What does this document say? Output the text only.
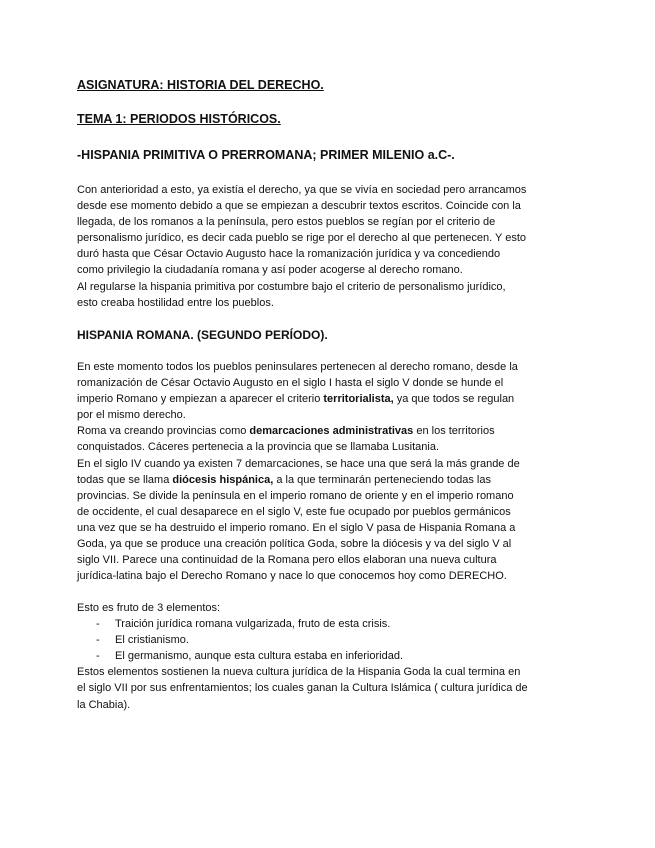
ASIGNATURA: HISTORIA DEL DERECHO.
TEMA 1: PERIODOS HISTÓRICOS.
-HISPANIA PRIMITIVA O PRERROMANA; PRIMER MILENIO a.C-.

Con anterioridad a esto, ya existía el derecho, ya que se vivía en sociedad pero arrancamos

desde ese momento debido a que se empiezan a descubrir textos escritos. Coincide con la

llegada, de los romanos a la península, pero estos pueblos se regían por el criterio de

personalismo jurídico, es decir cada pueblo se rige por el derecho al que pertenecen. Y esto

duró hasta que César Octavio Augusto hace la romanización jurídica y va concediendo

como privilegio la ciudadanía romana y así poder acogerse al derecho romano.

Al regularse la hispania primitiva por costumbre bajo el criterio de personalismo jurídico,

esto creaba hostilidad entre los pueblos.

HISPANIA ROMANA. (SEGUNDO PERÍODO).

En este momento todos los pueblos peninsulares pertenecen al derecho romano, desde la

romanización de César Octavio Augusto en el siglo I hasta el siglo V donde se hunde el

imperio Romano y empiezan a aparecer el criterio territorialista, ya que todos se regulan

por el mismo derecho.

Roma va creando provincias como demarcaciones administrativas en los territorios

conquistados. Cáceres pertenecia a la provincia que se llamaba Lusitania.

En el siglo IV cuando ya existen 7 demarcaciones, se hace una que será la más grande de

todas que se llama diócesis hispánica, a la que terminarán perteneciendo todas las

provincias. Se divide la península en el imperio romano de oriente y en el imperio romano

de occidente, el cual desaparece en el siglo V, este fue ocupado por pueblos germánicos

una vez que se ha destruido el imperio romano. En el siglo V pasa de Hispania Romana a

Goda, ya que se produce una creación política Goda, sobre la diócesis y va del siglo V al

siglo VII. Parece una continuidad de la Romana pero ellos elaboran una nueva cultura

jurídica-latina bajo el Derecho Romano y nace lo que conocemos hoy como DERECHO.

Esto es fruto de 3 elementos:

- Traición jurídica romana vulgarizada, fruto de esta crisis.
- El cristianismo.
- El germanismo, aunque esta cultura estaba en inferioridad.

Estos elementos sostienen la nueva cultura jurídica de la Hispania Goda la cual termina en

el siglo VII por sus enfrentamientos; los cuales ganan la Cultura Islámica ( cultura jurídica de

la Chabia).
